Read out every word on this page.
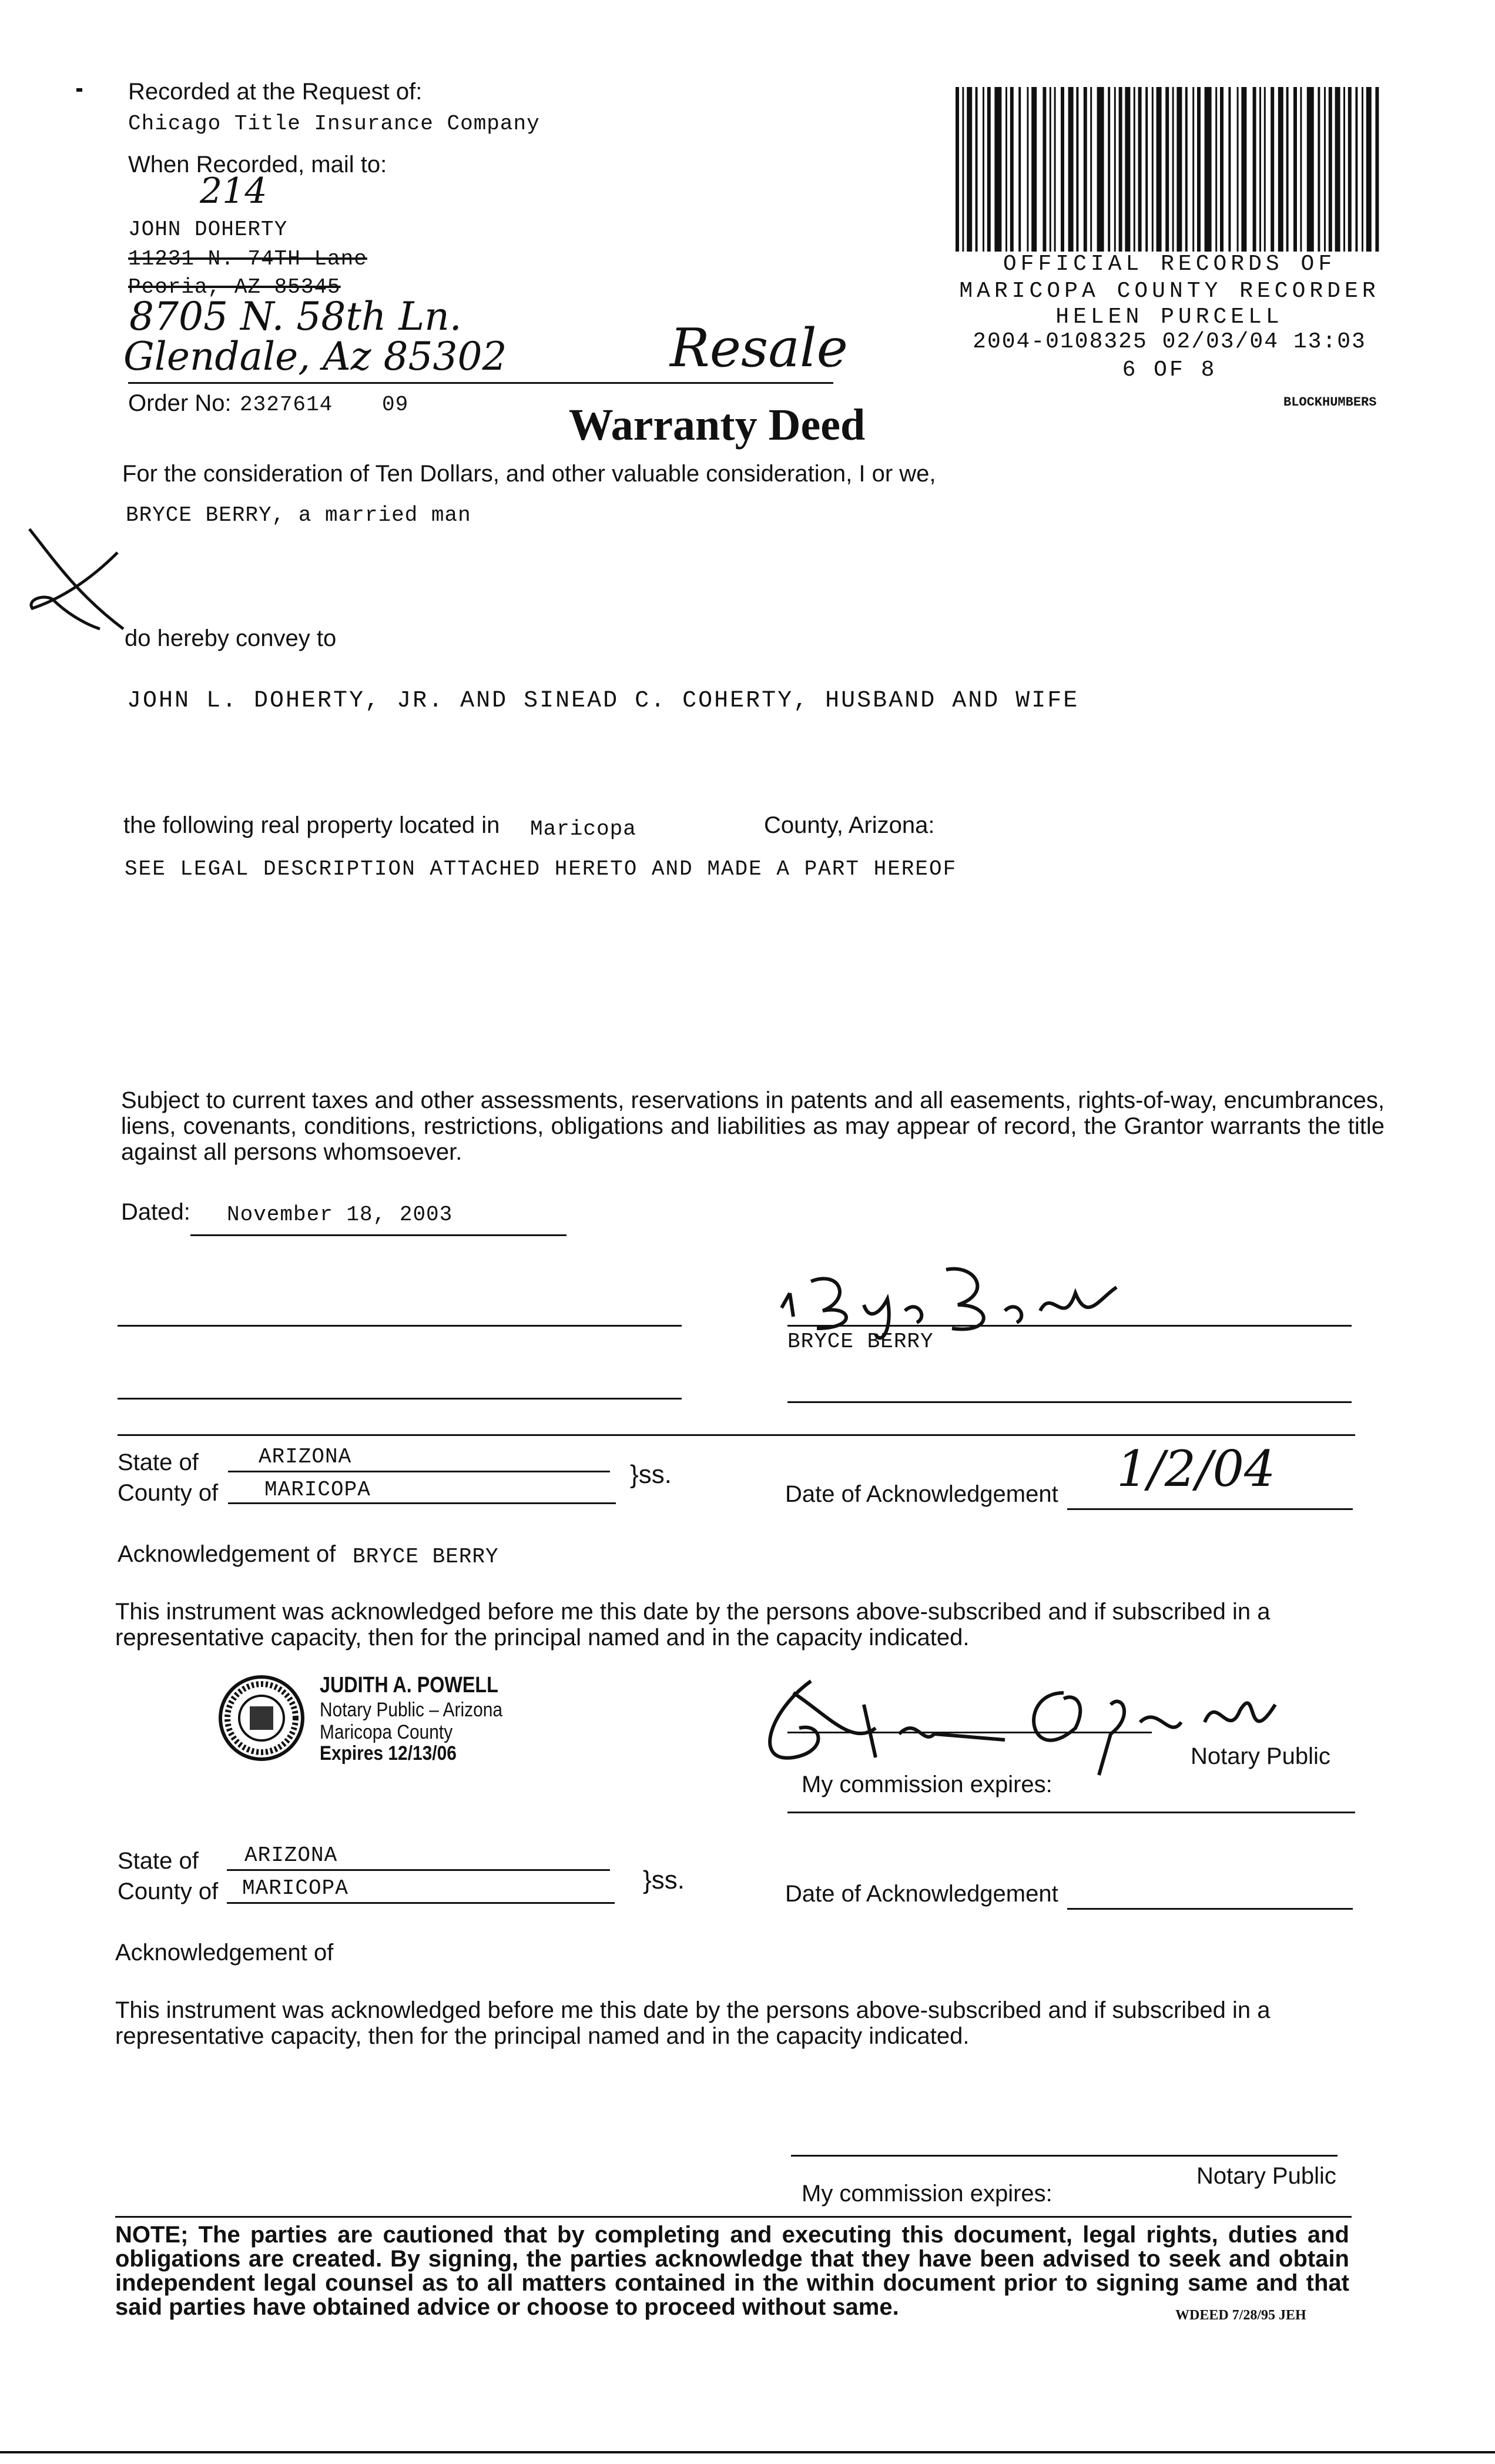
Recorded at the Request of:
Chicago Title Insurance Company
When Recorded, mail to:
214
JOHN DOHERTY
11231 N. 74TH Lane
Peoria, AZ 85345
8705 N. 58th Ln.
Glendale, Az 85302	Resale
Order No: 2327614 09
OFFICIAL RECORDS OF
MARICOPA COUNTY RECORDER
HELEN PURCELL
2004-0108325 02/03/04 13:03
6 OF 8
BLOCKHUMBERS
Warranty Deed
For the consideration of Ten Dollars, and other valuable consideration, I or we,
BRYCE BERRY, a married man
do hereby convey to
JOHN L. DOHERTY, JR. AND SINEAD C. COHERTY, HUSBAND AND WIFE
the following real property located in Maricopa	County, Arizona:
SEE LEGAL DESCRIPTION ATTACHED HERETO AND MADE A PART HEREOF
Subject to current taxes and other assessments, reservations in patents and all easements, rights-of-way, encumbrances, liens, covenants, conditions, restrictions, obligations and liabilities as may appear of record, the Grantor warrants the title against all persons whomsoever.
Dated: November 18, 2003
BRYCE BERRY
State of	ARIZONA
County of MARICOPA
}ss.
Date of Acknowledgement 1/2/04
Acknowledgement of BRYCE BERRY
This instrument was acknowledged before me this date by the persons above-subscribed and if subscribed in a representative capacity, then for the principal named and in the capacity indicated.
JUDITH A. POWELL
Notary Public – Arizona
Maricopa County
Expires 12/13/06	Notary Public
My commission expires:
State of ARIZONA
County of MARICOPA	}ss.	Date of Acknowledgement
Acknowledgement of
This instrument was acknowledged before me this date by the persons above-subscribed and if subscribed in a representative capacity, then for the principal named and in the capacity indicated.
Notary Public
My commission expires:
NOTE; The parties are cautioned that by completing and executing this document, legal rights, duties and obligations are created. By signing, the parties acknowledge that they have been advised to seek and obtain independent legal counsel as to all matters contained in the within document prior to signing same and that said parties have obtained advice or choose to proceed without same.	WDEED 7/28/95 JEH
